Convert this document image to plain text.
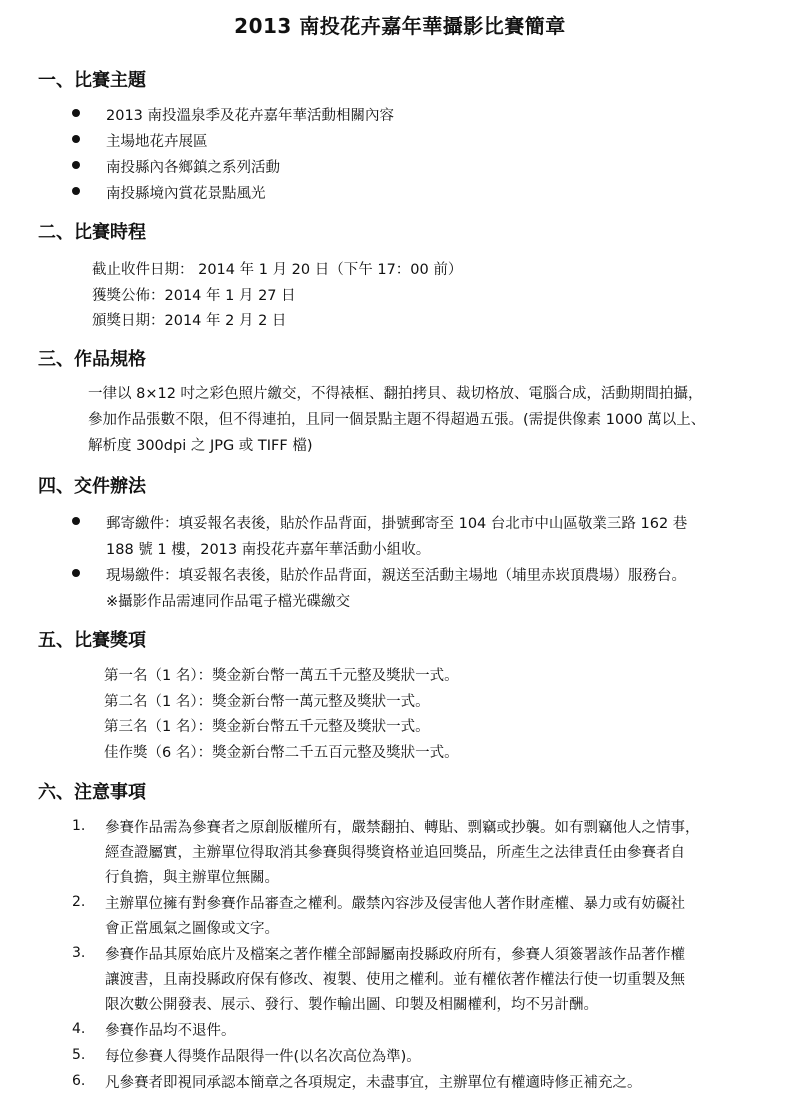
2013 南投花卉嘉年華攝影比賽簡章
一、比賽主題
2013 南投溫泉季及花卉嘉年華活動相關內容
主場地花卉展區
南投縣內各鄉鎮之系列活動
南投縣境內賞花景點風光
二、比賽時程
截止收件日期： 2014 年 1 月 20 日（下午 17：00 前）
獲獎公佈：2014 年 1 月 27 日
頒獎日期：2014 年 2 月 2 日
三、作品規格
一律以 8×12 吋之彩色照片繳交，不得裱框、翻拍拷貝、裁切格放、電腦合成，活動期間拍攝，
參加作品張數不限，但不得連拍，且同一個景點主題不得超過五張。(需提供像素 1000 萬以上、
解析度 300dpi 之 JPG 或 TIFF 檔)
四、交件辦法
郵寄繳件：填妥報名表後，貼於作品背面，掛號郵寄至 104 台北市中山區敬業三路 162 巷
188 號 1 樓，2013 南投花卉嘉年華活動小組收。
現場繳件：填妥報名表後，貼於作品背面，親送至活動主場地（埔里赤崁頂農場）服務台。
※攝影作品需連同作品電子檔光碟繳交
五、比賽獎項
第一名（1 名）：獎金新台幣一萬五千元整及獎狀一式。
第二名（1 名）：獎金新台幣一萬元整及獎狀一式。
第三名（1 名）：獎金新台幣五千元整及獎狀一式。
佳作獎（6 名）：獎金新台幣二千五百元整及獎狀一式。
六、注意事項
1. 參賽作品需為參賽者之原創版權所有，嚴禁翻拍、轉貼、剽竊或抄襲。如有剽竊他人之情事，
經查證屬實，主辦單位得取消其參賽與得獎資格並追回獎品，所產生之法律責任由參賽者自
行負擔，與主辦單位無關。
2. 主辦單位擁有對參賽作品審查之權利。嚴禁內容涉及侵害他人著作財產權、暴力或有妨礙社
會正當風氣之圖像或文字。
3. 參賽作品其原始底片及檔案之著作權全部歸屬南投縣政府所有，參賽人須簽署該作品著作權
讓渡書，且南投縣政府保有修改、複製、使用之權利。並有權依著作權法行使一切重製及無
限次數公開發表、展示、發行、製作輸出圖、印製及相關權利，均不另計酬。
4. 參賽作品均不退件。
5. 每位參賽人得獎作品限得一件(以名次高位為準)。
6. 凡參賽者即視同承認本簡章之各項規定，未盡事宜，主辦單位有權適時修正補充之。
